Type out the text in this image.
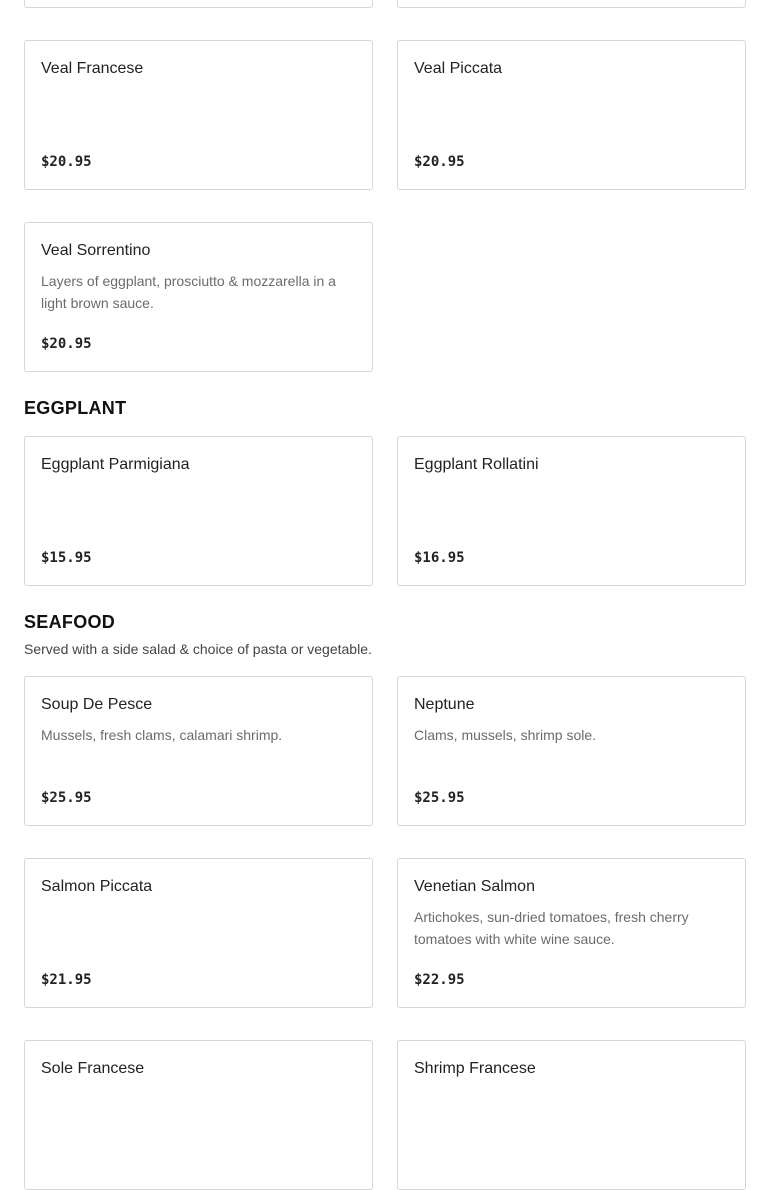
Veal Francese
$20.95
Veal Piccata
$20.95
Veal Sorrentino
Layers of eggplant, prosciutto & mozzarella in a light brown sauce.
$20.95
EGGPLANT
Eggplant Parmigiana
$15.95
Eggplant Rollatini
$16.95
SEAFOOD
Served with a side salad & choice of pasta or vegetable.
Soup De Pesce
Mussels, fresh clams, calamari shrimp.
$25.95
Neptune
Clams, mussels, shrimp sole.
$25.95
Salmon Piccata
$21.95
Venetian Salmon
Artichokes, sun-dried tomatoes, fresh cherry tomatoes with white wine sauce.
$22.95
Sole Francese	Shrimp Francese
